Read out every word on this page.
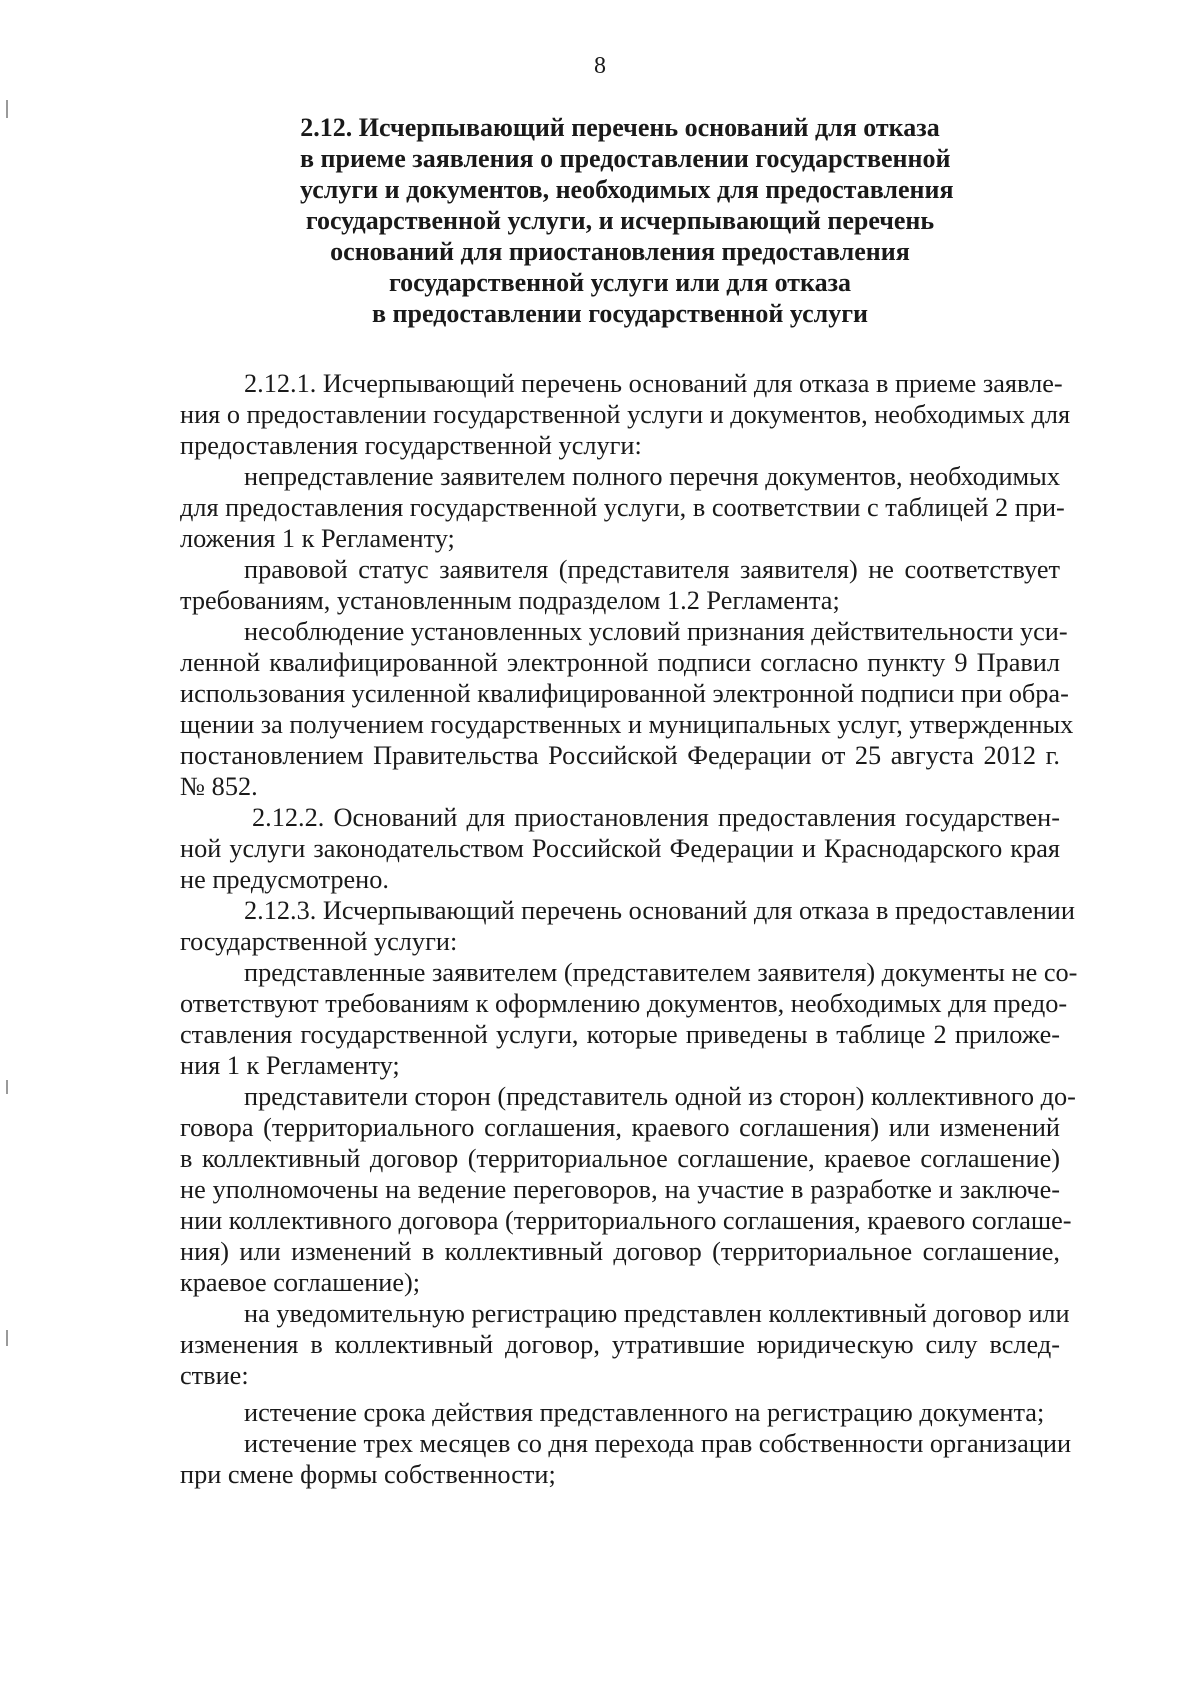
8
2.12. Исчерпывающий перечень оснований для отказа
в приеме заявления о предоставлении государственной
услуги и документов, необходимых для предоставления
государственной услуги, и исчерпывающий перечень
оснований для приостановления предоставления
государственной услуги или для отказа
в предоставлении государственной услуги
2.12.1. Исчерпывающий перечень оснований для отказа в приеме заявле-
ния о предоставлении государственной услуги и документов, необходимых для
предоставления государственной услуги:
непредставление заявителем полного перечня документов, необходимых
для предоставления государственной услуги, в соответствии с таблицей 2 при-
ложения 1 к Регламенту;
правовой статус заявителя (представителя заявителя) не соответствует
требованиям, установленным подразделом 1.2 Регламента;
несоблюдение установленных условий признания действительности уси-
ленной квалифицированной электронной подписи согласно пункту 9 Правил
использования усиленной квалифицированной электронной подписи при обра-
щении за получением государственных и муниципальных услуг, утвержденных
постановлением Правительства Российской Федерации от 25 августа 2012 г.
№ 852.
2.12.2. Оснований для приостановления предоставления государствен-
ной услуги законодательством Российской Федерации и Краснодарского края
не предусмотрено.
2.12.3. Исчерпывающий перечень оснований для отказа в предоставлении
государственной услуги:
представленные заявителем (представителем заявителя) документы не со-
ответствуют требованиям к оформлению документов, необходимых для предо-
ставления государственной услуги, которые приведены в таблице 2 приложе-
ния 1 к Регламенту;
представители сторон (представитель одной из сторон) коллективного до-
говора (территориального соглашения, краевого соглашения) или изменений
в коллективный договор (территориальное соглашение, краевое соглашение)
не уполномочены на ведение переговоров, на участие в разработке и заключе-
нии коллективного договора (территориального соглашения, краевого соглаше-
ния) или изменений в коллективный договор (территориальное соглашение,
краевое соглашение);
на уведомительную регистрацию представлен коллективный договор или
изменения в коллективный договор, утратившие юридическую силу вслед-
ствие:
истечение срока действия представленного на регистрацию документа;
истечение трех месяцев со дня перехода прав собственности организации
при смене формы собственности;
